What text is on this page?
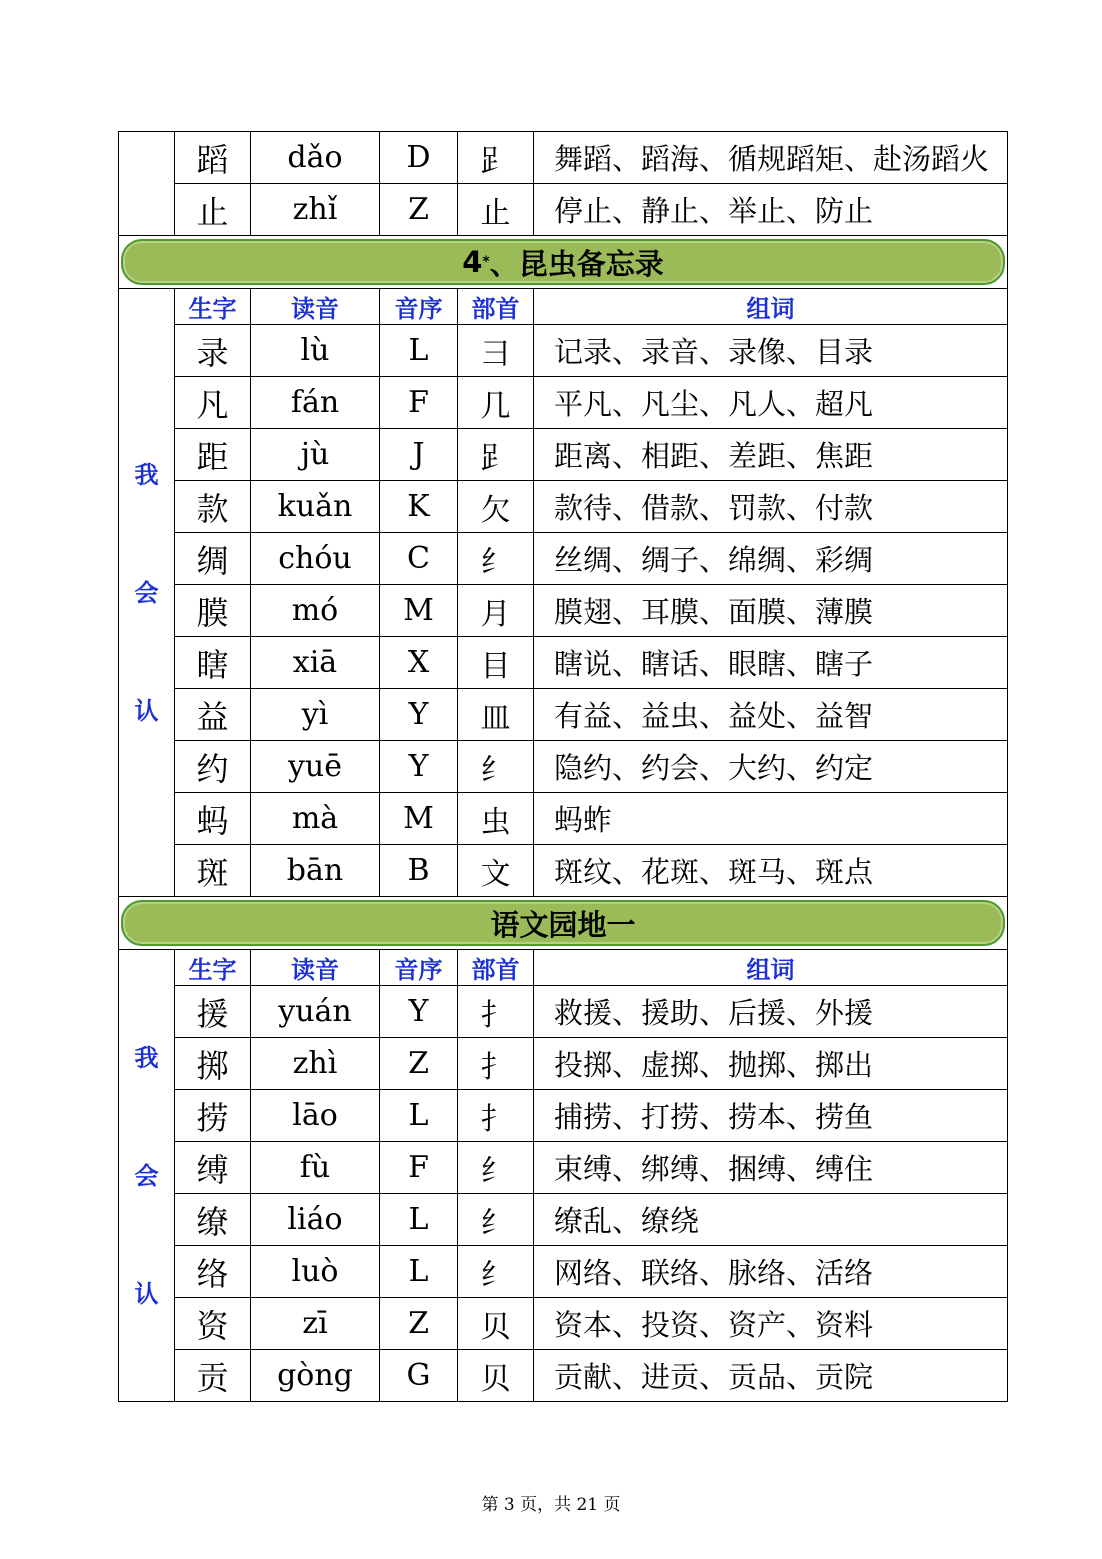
	蹈	dǎo	D	𧾷	舞蹈、蹈海、循规蹈矩、赴汤蹈火
	止	zhǐ	Z	止	停止、静止、举止、防止

4 * 、昆虫备忘录					

我
会
认	生字	读音	音序	部首	组词
	录	lù	L	彐	记录、录音、录像、目录
	凡	fán	F	几	平凡、凡尘、凡人、超凡
	距	jù	J	𧾷	距离、相距、差距、焦距
	款	kuǎn	K	欠	款待、借款、罚款、付款
	绸	chóu	C	纟	丝绸、绸子、绵绸、彩绸
	膜	mó	M	月	膜翅、耳膜、面膜、薄膜
	瞎	xiā	X	目	瞎说、瞎话、眼瞎、瞎子
	益	yì	Y	皿	有益、益虫、益处、益智
	约	yuē	Y	纟	隐约、约会、大约、约定
	蚂	mà	M	虫	蚂蚱
	斑	bān	B	文	斑纹、花斑、斑马、斑点

语文园地一					

我
会
认	生字	读音	音序	部首	组词
	援	yuán	Y	扌	救援、援助、后援、外援
	掷	zhì	Z	扌	投掷、虚掷、抛掷、掷出
	捞	lāo	L	扌	捕捞、打捞、捞本、捞鱼
	缚	fù	F	纟	束缚、绑缚、捆缚、缚住
	缭	liáo	L	纟	缭乱、缭绕
	络	luò	L	纟	网络、联络、脉络、活络
	资	zī	Z	贝	资本、投资、资产、资料
	贡	gòng	G	贝	贡献、进贡、贡品、贡院
第 3 页，共 21 页
